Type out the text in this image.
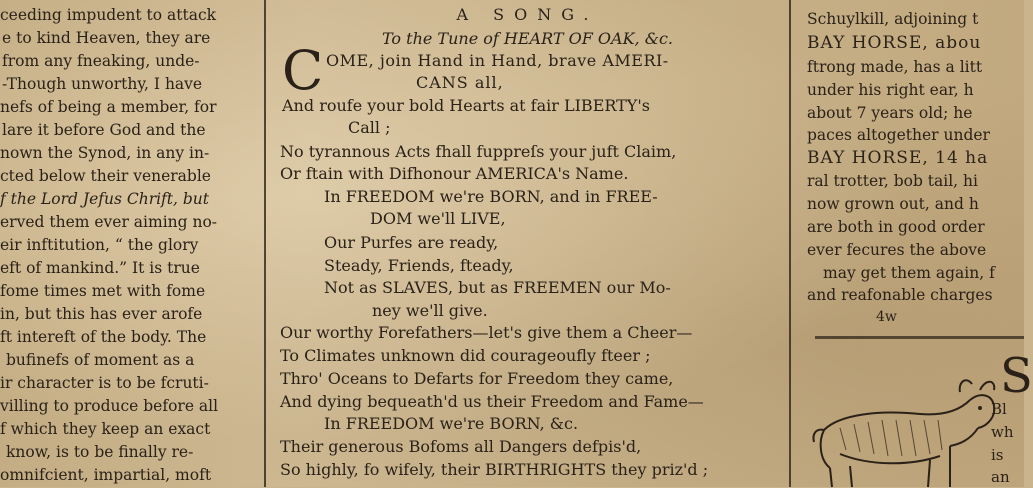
ceeding impudent to attack
e to kind Heaven, they are
from any fneaking, unde-
-Though unworthy, I have
nefs of being a member, for
lare it before God and the
nown the Synod, in any in-
cted below their venerable
f the Lord Jefus Chrift, but
erved them ever aiming no-
eir inftitution, “ the glory
eft of mankind.” It is true
fome times met with fome
in, but this has ever arofe
ft intereft of the body. The
bufinefs of moment as a
ir character is to be fcruti-
villing to produce before all
f which they keep an exact
know, is to be finally re-
omnifcient, impartial, moft
A SONG.
To the Tune of HEART OF OAK, &c.
C OME, join Hand in Hand, brave AMERI-
CANS all,
And roufe your bold Hearts at fair LIBERTY's
Call ;
No tyrannous Acts fhall fuppreſs your juft Claim,
Or ftain with Difhonour AMERICA's Name.
In FREEDOM we're BORN, and in FREE-
DOM we'll LIVE,
Our Purfes are ready,
Steady, Friends, fteady,
Not as SLAVES, but as FREEMEN our Mo-
ney we'll give.
Our worthy Forefathers—let's give them a Cheer—
To Climates unknown did courageoufly fteer ;
Thro' Oceans to Defarts for Freedom they came,
And dying bequeath'd us their Freedom and Fame—
In FREEDOM we're BORN, &c.
Their generous Bofoms all Dangers defpis'd,
So highly, fo wifely, their BIRTHRIGHTS they priz'd ;
Schuylkill, adjoining t
BAY HORSE, abou
ftrong made, has a litt
under his right ear, h
about 7 years old; he
paces altogether under
BAY HORSE, 14 ha
ral trotter, bob tail, hi
now grown out, and h
are both in good order
ever fecures the above
may get them again, f
and reafonable charges
4w
Bl
wh
is
an
S
